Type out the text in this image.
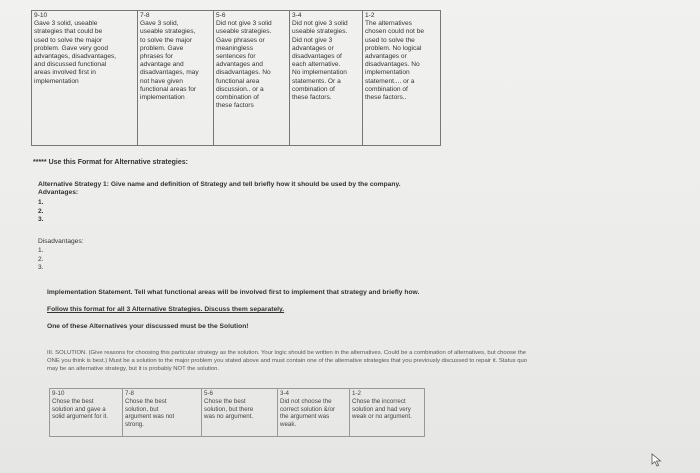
9-10
Gave 3 solid, useable
strategies that could be
used to solve the major
problem. Gave very good
advantages, disadvantages,
and discussed functional
areas involved first in
implementation

7-8
Gave 3 solid,
useable strategies,
to solve the major
problem. Gave
phrases for
advantage and
disadvantages, may
not have given
functional areas for
implementation

5-6
Did not give 3 solid
useable strategies.
Gave phrases or
meaningless
sentences for
advantages and
disadvantages. No
functional area
discussion.. or a
combination of
these factors

3-4
Did not give 3 solid
useable strategies.
Did not give 3
advantages or
disadvantages of
each alternative.
No implementation
statements. Or a
combination of
these factors.

1-2
The alternatives
chosen could not be
used to solve the
problem. No logical
advantages or
disadvantages. No
implementation
statement.... or a
combination of
these factors..
***** Use this Format for Alternative strategies:
Alternative Strategy 1: Give name and definition of Strategy and tell briefly how it should be used by the company.
Advantages:
1.
2.
3.
Disadvantages:
1.
2.
3.
Implementation Statement. Tell what functional areas will be involved first to implement that strategy and briefly how.
Follow this format for all 3 Alternative Strategies. Discuss them separately.
One of these Alternatives your discussed must be the Solution!
III. SOLUTION. (Give reasons for choosing this particular strategy as the solution. Your logic should be written in the alternatives. Could be a combination of alternatives, but choose the
ONE you think is best.) Must be a solution to the major problem you stated above and must contain one of the alternative strategies that you previously discussed to repair it. Status quo
may be an alternative strategy, but it is probably NOT the solution.
9-10
Chose the best
solution and gave a
solid argument for it.
	7-8
Chose the best
solution, but
argument was not
strong.
	5-6
Chose the best
solution, but there
was no argument.
	3-4
Did not choose the
correct solution &/or
the argument was
weak.
	1-2
Chose the incorrect
solution and had very
weak or no argument.
